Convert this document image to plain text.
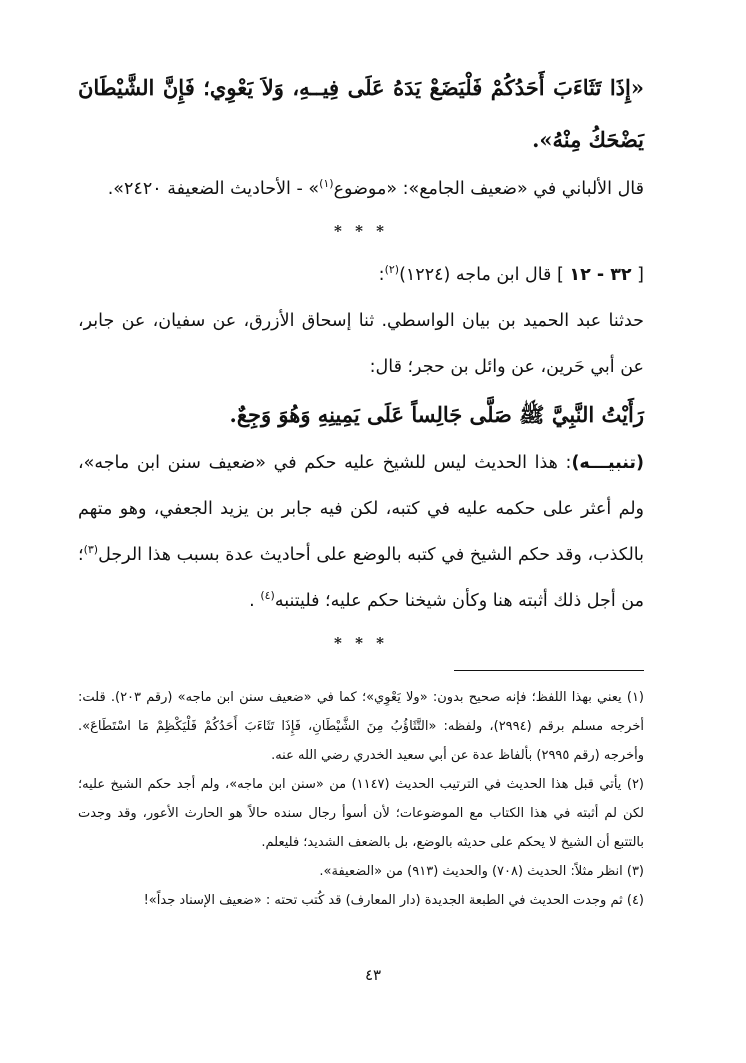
«إِذَا تَثَاءَبَ أَحَدُكُمْ فَلْيَضَعْ يَدَهُ عَلَى فِيــهِ، وَلاَ يَعْوِي؛ فَإِنَّ الشَّيْطَانَ يَضْحَكُ مِنْهُ».

قال الألباني في «ضعيف الجامع»: «موضوع$^{(١)}$» - الأحاديث الضعيفة ٢٤٢٠».

* * *

[ ٣٢ - ١٢ ] قال ابن ماجه (١٢٢٤)$^{(٢)}$:

حدثنا عبد الحميد بن بيان الواسطي. ثنا إسحاق الأزرق، عن سفيان، عن جابر، عن أبي حَرين، عن وائل بن حجر؛ قال:

رَأَيْتُ النَّبِيَّ ﷺ صَلَّى جَالِساً عَلَى يَمِينِهِ وَهُوَ وَجِعٌ.

(تنبيـــه): هذا الحديث ليس للشيخ عليه حكم في «ضعيف سنن ابن ماجه»، ولم أعثر على حكمه عليه في كتبه، لكن فيه جابر بن يزيد الجعفي، وهو متهم بالكذب، وقد حكم الشيخ في كتبه بالوضع على أحاديث عدة بسبب هذا الرجل$^{(٣)}$؛ من أجل ذلك أثبته هنا وكأن شيخنا حكم عليه؛ فليتنبه$^{(٤)}$ .

* * *

(١) يعني بهذا اللفظ؛ فإنه صحيح بدون: «ولا يَعْوِي»؛ كما في «ضعيف سنن ابن ماجه» (رقم ٢٠٣). قلت: أخرجه مسلم برقم (٢٩٩٤)، ولفظه: «التَّثَاؤُبُ مِنَ الشَّيْطَانِ، فَإِذَا تَثَاءَبَ أَحَدُكُمْ فَلْيَكْظِمْ مَا اسْتَطَاعَ». وأخرجه (رقم ٢٩٩٥) بألفاظ عدة عن أبي سعيد الخدري رضي الله عنه.

(٢) يأتي قبل هذا الحديث في الترتيب الحديث (١١٤٧) من «سنن ابن ماجه»، ولم أجد حكم الشيخ عليه؛ لكن لم أثبته في هذا الكتاب مع الموضوعات؛ لأن أسوأ رجال سنده حالاً هو الحارث الأعور، وقد وجدت بالتتبع أن الشيخ لا يحكم على حديثه بالوضع، بل بالضعف الشديد؛ فليعلم.

(٣) انظر مثلاً: الحديث (٧٠٨) والحديث (٩١٣) من «الضعيفة».

(٤) ثم وجدت الحديث في الطبعة الجديدة (دار المعارف) قد كُتب تحته : «ضعيف الإسناد جداً»!

٤٣
